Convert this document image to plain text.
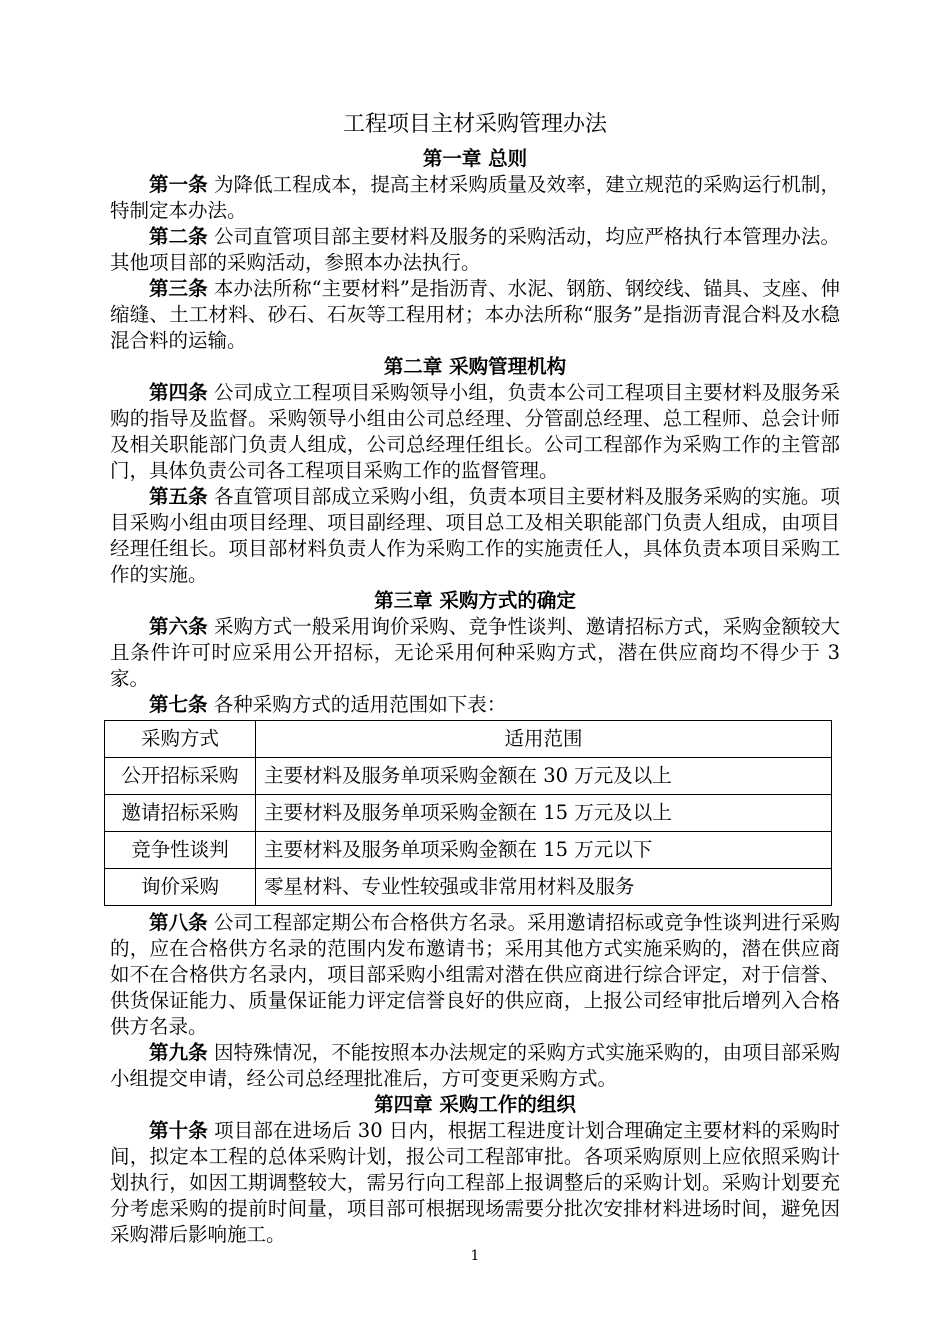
工程项目主材采购管理办法
第一章 总则

第一条 为降低工程成本，提高主材采购质量及效率，建立规范的采购运行机制，特制定本办法。

第二条 公司直管项目部主要材料及服务的采购活动，均应严格执行本管理办法。其他项目部的采购活动，参照本办法执行。

第三条 本办法所称“主要材料”是指沥青、水泥、钢筋、钢绞线、锚具、支座、伸缩缝、土工材料、砂石、石灰等工程用材；本办法所称“服务”是指沥青混合料及水稳混合料的运输。

第二章 采购管理机构

第四条 公司成立工程项目采购领导小组，负责本公司工程项目主要材料及服务采购的指导及监督。采购领导小组由公司总经理、分管副总经理、总工程师、总会计师及相关职能部门负责人组成，公司总经理任组长。公司工程部作为采购工作的主管部门，具体负责公司各工程项目采购工作的监督管理。

第五条 各直管项目部成立采购小组，负责本项目主要材料及服务采购的实施。项目采购小组由项目经理、项目副经理、项目总工及相关职能部门负责人组成，由项目经理任组长。项目部材料负责人作为采购工作的实施责任人，具体负责本项目采购工作的实施。

第三章 采购方式的确定

第六条 采购方式一般采用询价采购、竞争性谈判、邀请招标方式，采购金额较大且条件许可时应采用公开招标，无论采用何种采购方式，潜在供应商均不得少于 3 家。

第七条 各种采购方式的适用范围如下表：

采购方式	适用范围
公开招标采购	主要材料及服务单项采购金额在 30 万元及以上
邀请招标采购	主要材料及服务单项采购金额在 15 万元及以上
竞争性谈判	主要材料及服务单项采购金额在 15 万元以下
询价采购	零星材料、专业性较强或非常用材料及服务

第八条 公司工程部定期公布合格供方名录。采用邀请招标或竞争性谈判进行采购的，应在合格供方名录的范围内发布邀请书；采用其他方式实施采购的，潜在供应商如不在合格供方名录内，项目部采购小组需对潜在供应商进行综合评定，对于信誉、供货保证能力、质量保证能力评定信誉良好的供应商，上报公司经审批后增列入合格供方名录。

第九条 因特殊情况，不能按照本办法规定的采购方式实施采购的，由项目部采购小组提交申请，经公司总经理批准后，方可变更采购方式。

第四章 采购工作的组织

第十条 项目部在进场后 30 日内，根据工程进度计划合理确定主要材料的采购时间，拟定本工程的总体采购计划，报公司工程部审批。各项采购原则上应依照采购计划执行，如因工期调整较大，需另行向工程部上报调整后的采购计划。采购计划要充分考虑采购的提前时间量，项目部可根据现场需要分批次安排材料进场时间，避免因采购滞后影响施工。

1
